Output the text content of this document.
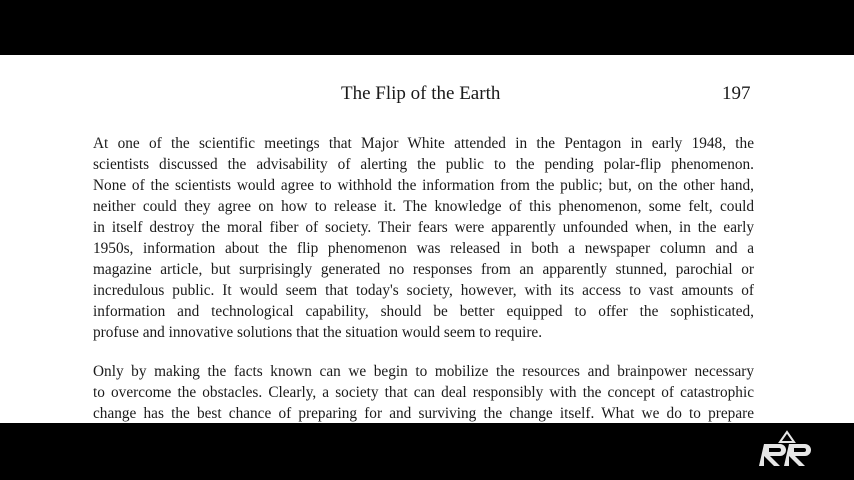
The Flip of the Earth	197
At one of the scientific meetings that Major White attended in the Pentagon in early 1948, the
scientists discussed the advisability of alerting the public to the pending polar-flip phenomenon.
None of the scientists would agree to withhold the information from the public; but, on the other hand,
neither could they agree on how to release it. The knowledge of this phenomenon, some felt, could
in itself destroy the moral fiber of society. Their fears were apparently unfounded when, in the early
1950s, information about the flip phenomenon was released in both a newspaper column and a
magazine article, but surprisingly generated no responses from an apparently stunned, parochial or
incredulous public. It would seem that today's society, however, with its access to vast amounts of
information and technological capability, should be better equipped to offer the sophisticated,
profuse and innovative solutions that the situation would seem to require.
Only by making the facts known can we begin to mobilize the resources and brainpower necessary
to overcome the obstacles. Clearly, a society that can deal responsibly with the concept of catastrophic
change has the best chance of preparing for and surviving the change itself. What we do to prepare
